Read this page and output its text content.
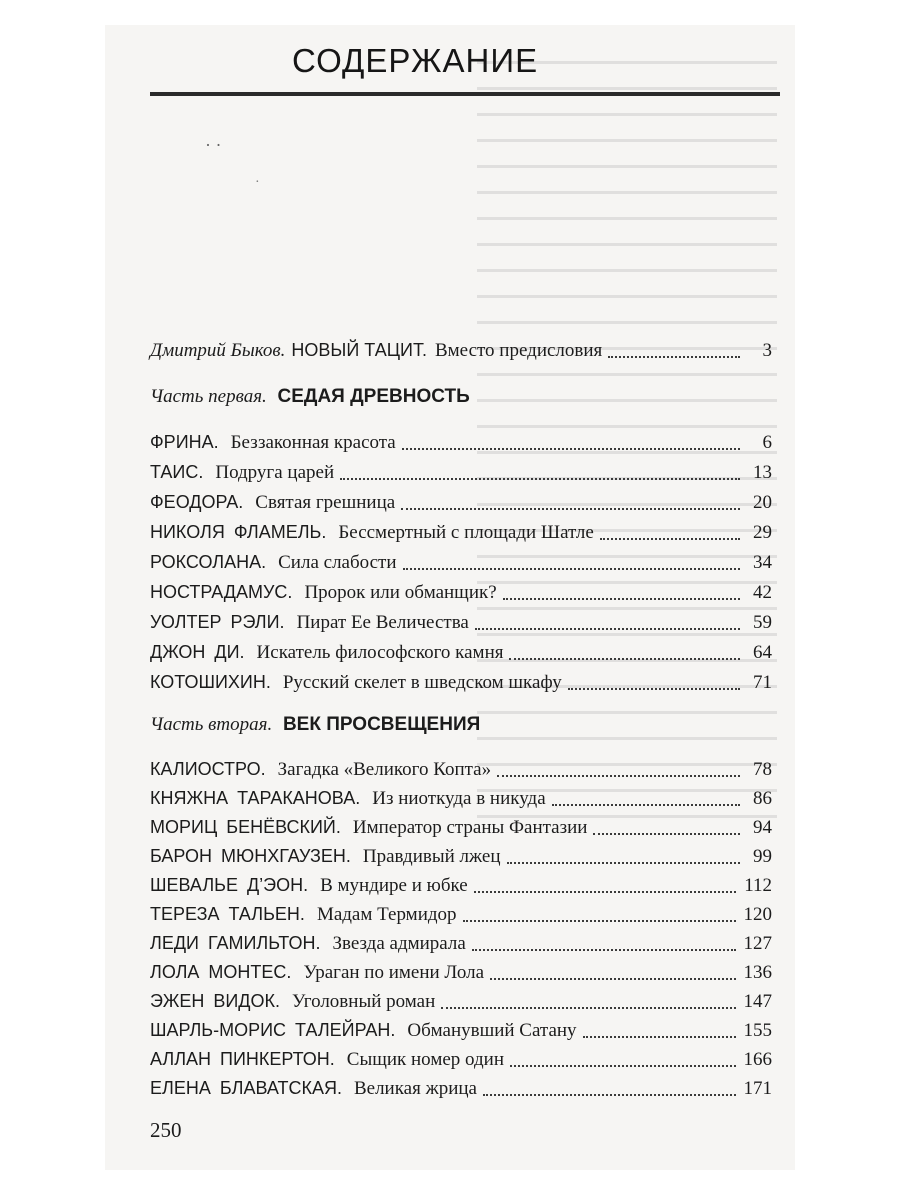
СОДЕРЖАНИЕ
· ·
·
Дмитрий Быков. НОВЫЙ ТАЦИТ. Вместо предисловия	3
Часть первая. СЕДАЯ ДРЕВНОСТЬ
ФРИНА. Беззаконная красота	6
ТАИС. Подруга царей	13
ФЕОДОРА. Святая грешница	20
НИКОЛЯ ФЛАМЕЛЬ. Бессмертный с площади Шатле	29
РОКСОЛАНА. Сила слабости	34
НОСТРАДАМУС. Пророк или обманщик?	42
УОЛТЕР РЭЛИ. Пират Ее Величества	59
ДЖОН ДИ. Искатель философского камня	64
КОТОШИХИН. Русский скелет в шведском шкафу	71
Часть вторая. ВЕК ПРОСВЕЩЕНИЯ
КАЛИОСТРО. Загадка «Великого Копта»	78
КНЯЖНА ТАРАКАНОВА. Из ниоткуда в никуда	86
МОРИЦ БЕНЁВСКИЙ. Император страны Фантазии	94
БАРОН МЮНХГАУЗЕН. Правдивый лжец	99
ШЕВАЛЬЕ Д’ЭОН. В мундире и юбке	112
ТЕРЕЗА ТАЛЬЕН. Мадам Термидор	120
ЛЕДИ ГАМИЛЬТОН. Звезда адмирала	127
ЛОЛА МОНТЕС. Ураган по имени Лола	136
ЭЖЕН ВИДОК. Уголовный роман	147
ШАРЛЬ-МОРИС ТАЛЕЙРАН. Обманувший Сатану	155
АЛЛАН ПИНКЕРТОН. Сыщик номер один	166
ЕЛЕНА БЛАВАТСКАЯ. Великая жрица	171
250
